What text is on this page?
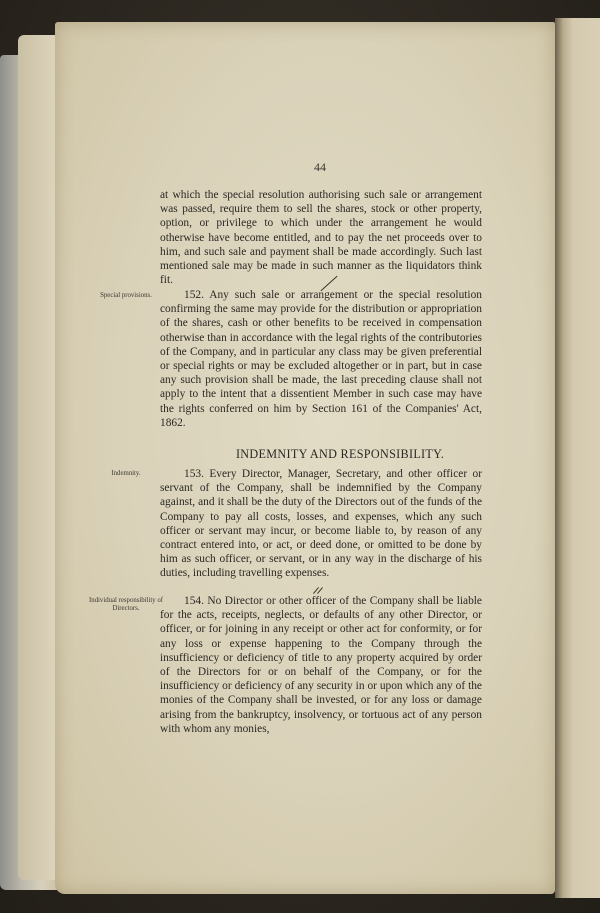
44
at which the special resolution authorising such sale or arrangement was passed, require them to sell the shares, stock or other property, option, or privilege to which under the arrangement he would otherwise have become entitled, and to pay the net proceeds over to him, and such sale and payment shall be made accordingly. Such last mentioned sale may be made in such manner as the liquidators think fit.
Special provisions.	152. Any such sale or arrangement or the special resolution confirming the same may provide for the distribution or appropriation of the shares, cash or other benefits to be received in compensation otherwise than in accordance with the legal rights of the contributories of the Company, and in particular any class may be given preferential or special rights or may be excluded altogether or in part, but in case any such provision shall be made, the last preceding clause shall not apply to the intent that a dissentient Member in such case may have the rights conferred on him by Section 161 of the Companies' Act, 1862.
INDEMNITY AND RESPONSIBILITY.
Indemnity.	153. Every Director, Manager, Secretary, and other officer or servant of the Company, shall be indemnified by the Company against, and it shall be the duty of the Directors out of the funds of the Company to pay all costs, losses, and expenses, which any such officer or servant may incur, or become liable to, by reason of any contract entered into, or act, or deed done, or omitted to be done by him as such officer, or servant, or in any way in the discharge of his duties, including travelling expenses.
Individual responsibility of Directors.
154. No Director or other officer of the Company shall be liable for the acts, receipts, neglects, or defaults of any other Director, or officer, or for joining in any receipt or other act for conformity, or for any loss or expense happening to the Company through the insufficiency or deficiency of title to any property acquired by order of the Directors for or on behalf of the Company, or for the insufficiency or deficiency of any security in or upon which any of the monies of the Company shall be invested, or for any loss or damage arising from the bankruptcy, insolvency, or tortuous act of any person with whom any monies,
